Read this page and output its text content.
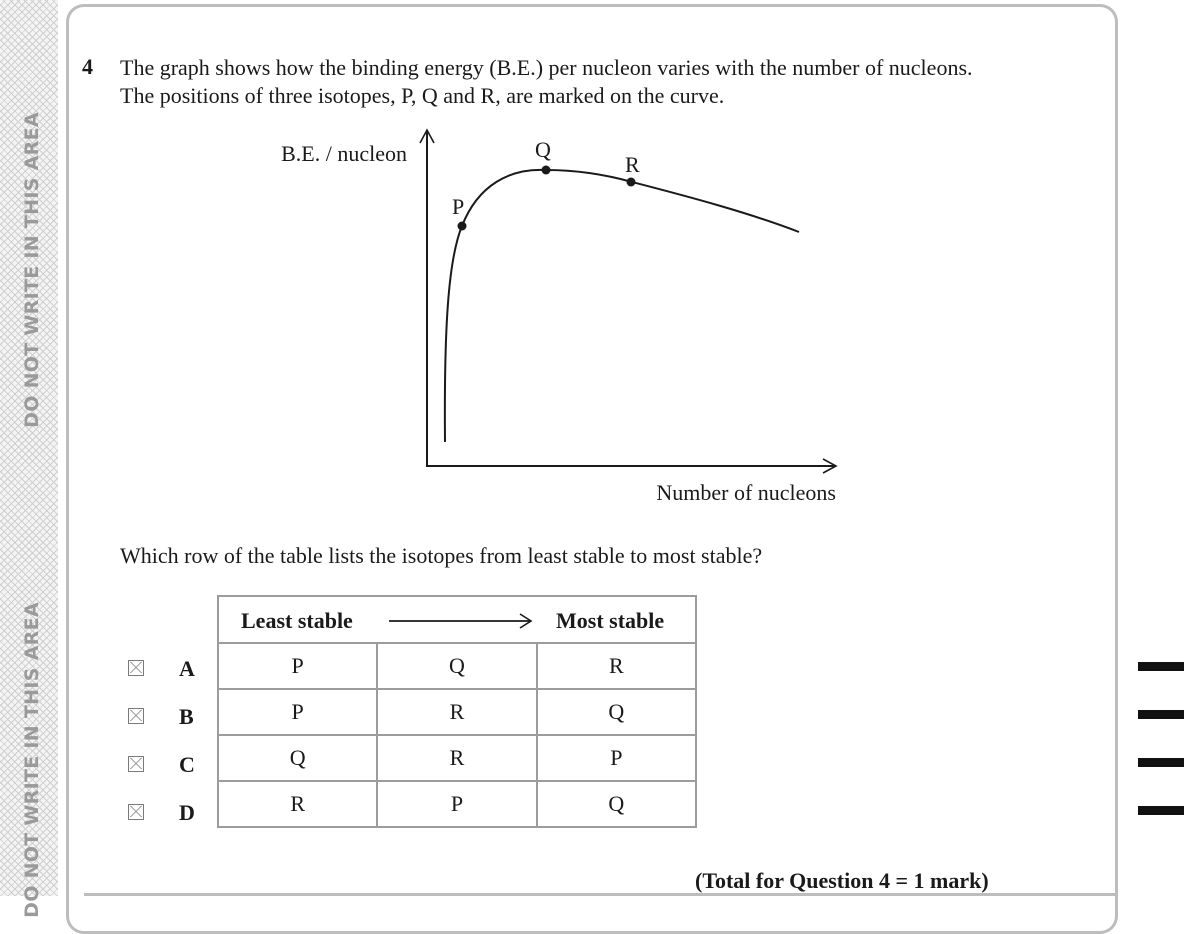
DO NOT WRITE IN THIS AREA
DO NOT WRITE IN THIS AREA
4 The graph shows how the binding energy (B.E.) per nucleon varies with the number of nucleons. The positions of three isotopes, P, Q and R, are marked on the curve.
P
Q
R
B.E. / nucleon
Number of nucleons
Which row of the table lists the isotopes from least stable to most stable?
A
B
C
D
Least stable Most stable		

P	Q	R
P	R	Q
Q	R	P
R	P	Q
(Total for Question 4 = 1 mark)
